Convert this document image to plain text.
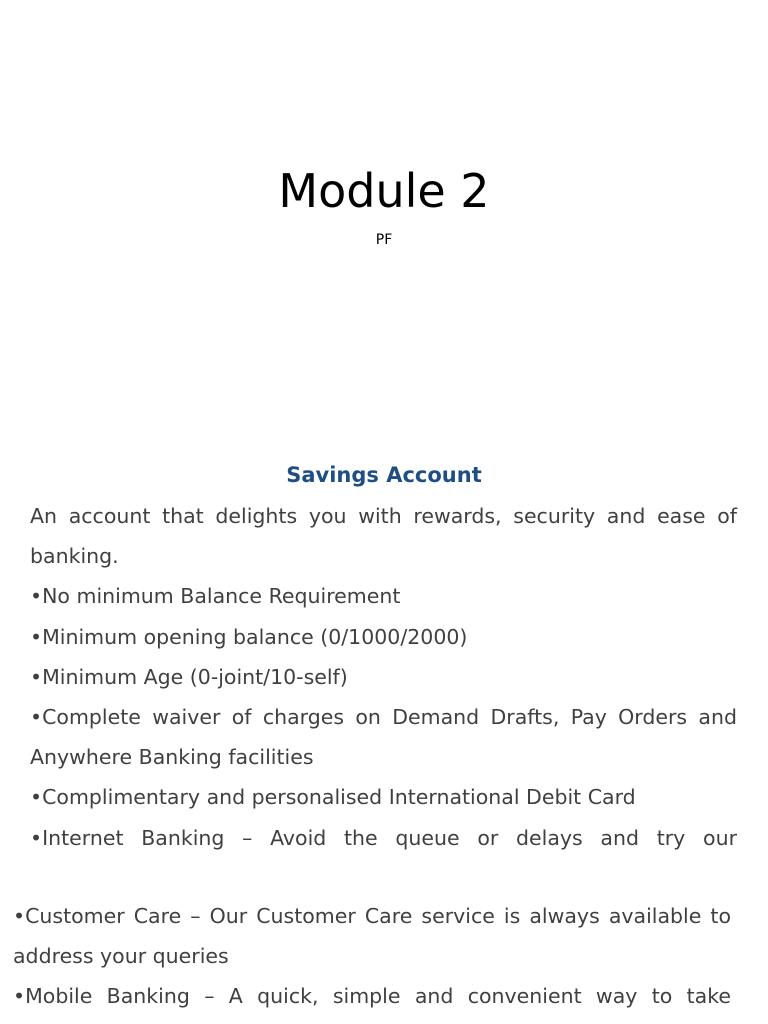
Module 2
PF
Savings Account

An account that delights you with rewards, security and ease of banking.

•No minimum Balance Requirement

•Minimum opening balance (0/1000/2000)

•Minimum Age (0-joint/10-self)

•Complete waiver of charges on Demand Drafts, Pay Orders and Anywhere Banking facilities

•Complimentary and personalised International Debit Card

•Internet Banking – Avoid the queue or delays and try our

•Customer Care – Our Customer Care service is always available to address your queries

•Mobile Banking – A quick, simple and convenient way to take
